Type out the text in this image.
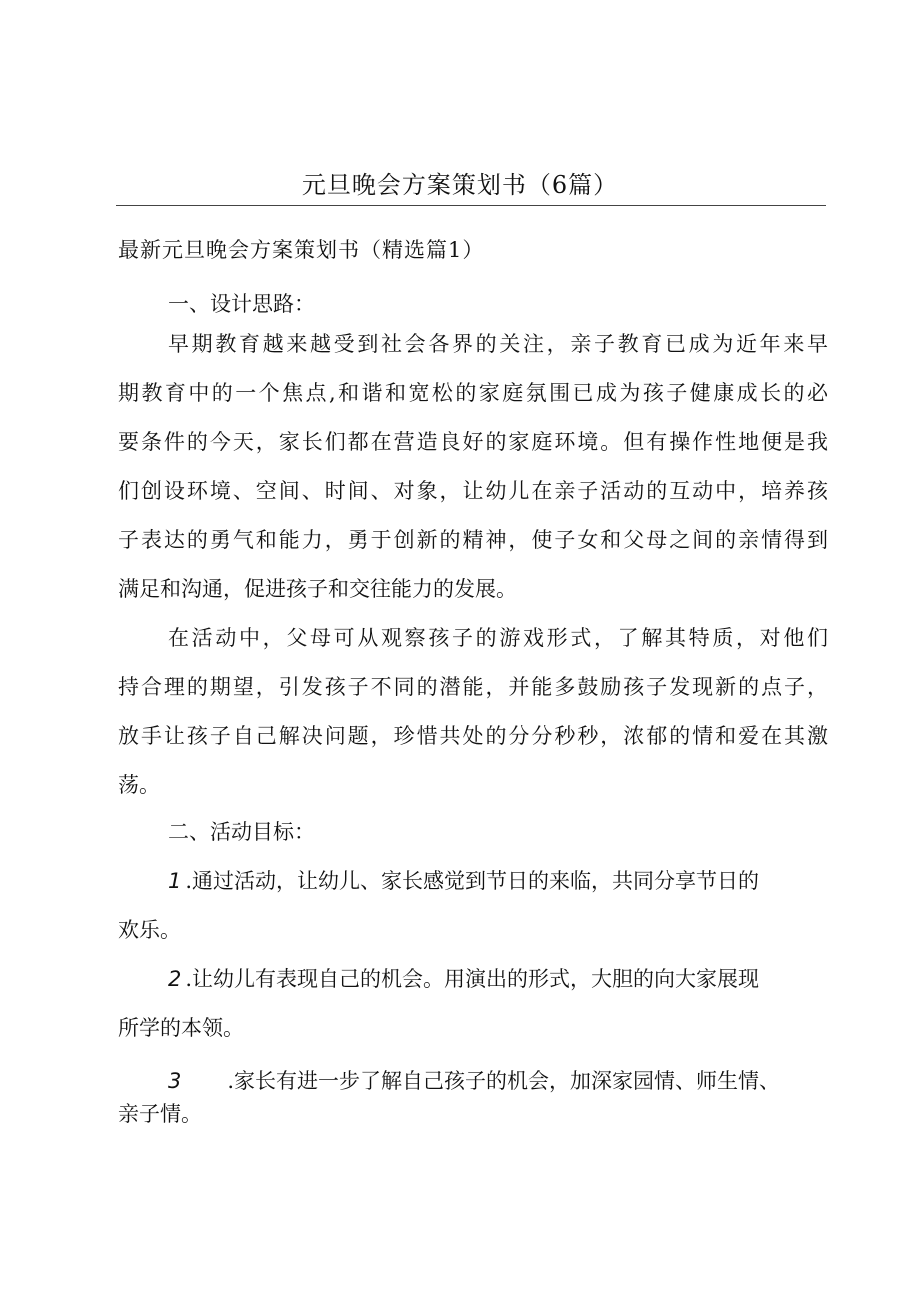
元旦晚会方案策划书（6篇）
最新元旦晚会方案策划书（精选篇1）
一、设计思路：
早期教育越来越受到社会各界的关注，亲子教育已成为近年来早
期教育中的一个焦点,和谐和宽松的家庭氛围已成为孩子健康成长的必
要条件的今天，家长们都在营造良好的家庭环境。但有操作性地便是我
们创设环境、空间、时间、对象，让幼儿在亲子活动的互动中，培养孩
子表达的勇气和能力，勇于创新的精神，使子女和父母之间的亲情得到
满足和沟通，促进孩子和交往能力的发展。
在活动中，父母可从观察孩子的游戏形式，了解其特质，对他们
持合理的期望，引发孩子不同的潜能，并能多鼓励孩子发现新的点子，
放手让孩子自己解决问题，珍惜共处的分分秒秒，浓郁的情和爱在其激
荡。
二、活动目标：
1 .通过活动，让幼儿、家长感觉到节日的来临，共同分享节日的
欢乐。
2 .让幼儿有表现自己的机会。用演出的形式，大胆的向大家展现
所学的本领。
3 .家长有进一步了解自己孩子的机会，加深家园情、师生情、
亲子情。
